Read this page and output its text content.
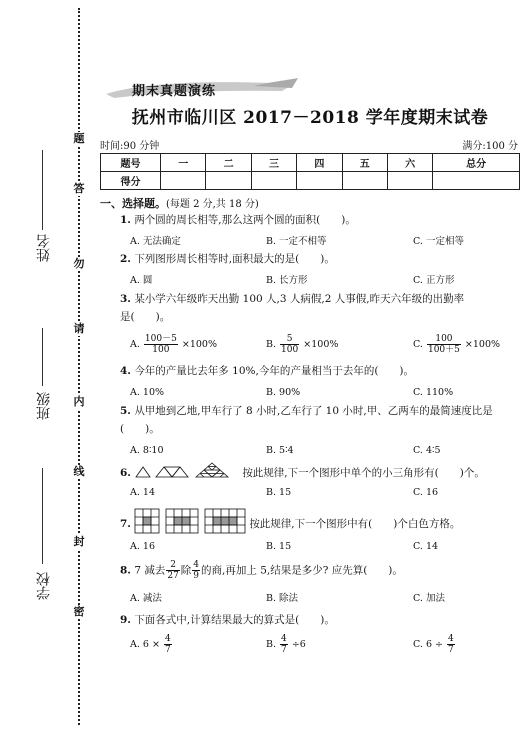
题
答
勿
请
内
线
封
密
姓名
班级
学校
期末真题演练
抚州市临川区 2017－2018 学年度期末试卷
时间:90 分钟	满分:100 分
题号	一	二	三	四	五	六	总分
得分							
一、选择题。(每题 2 分,共 18 分)
1. 两个圆的周长相等,那么这两个圆的面积(　　)。
A. 无法确定	B. 一定不相等	C. 一定相等
2. 下列图形周长相等时,面积最大的是(　　)。
A. 圆	B. 长方形	C. 正方形
3. 某小学六年级昨天出勤 100 人,3 人病假,2 人事假,昨天六年级的出勤率
是(　　)。
A. $\frac{100-5}{100} \times 100\%$	B. $\frac{5}{100} \times 100\%$	C. $\frac{100}{100+5} \times 100\%$
4. 今年的产量比去年多 10%,今年的产量相当于去年的(　　)。
A. 10%	B. 90%	C. 110%
5. 从甲地到乙地,甲车行了 8 小时,乙车行了 10 小时,甲、乙两车的最简速度比是
(　　)。
A. 8∶10	B. 5∶4	C. 4∶5
6.	按此规律,下一个图形中单个的小三角形有(　　)个。
A. 14	B. 15	C. 16
7.	按此规律,下一个图形中有(　　)个白色方格。
A. 16	B. 15	C. 14
8. 7 减去 $\frac{2}{27}$ 除 $\frac{4}{9}$ 的商,再加上 5,结果是多少? 应先算(　　)。
A. 减法	B. 除法	C. 加法
9. 下面各式中,计算结果最大的算式是(　　)。
A. $6 \times \frac{4}{7}$	B. $\frac{4}{7} \div 6$	C. $6 \div \frac{4}{7}$
